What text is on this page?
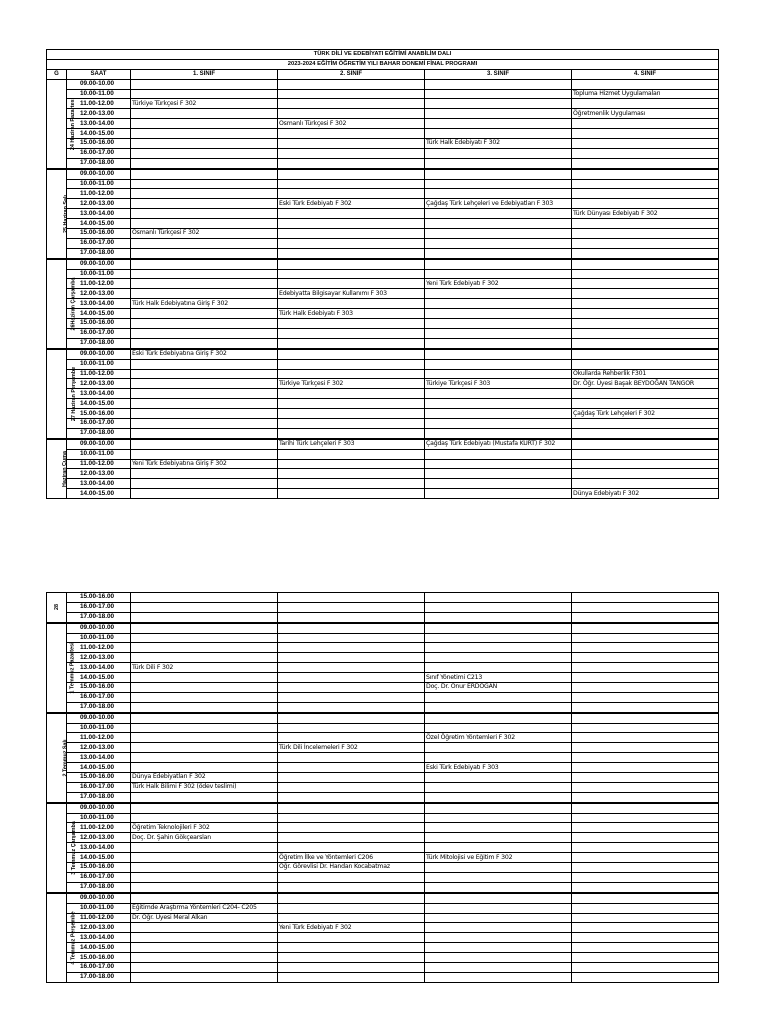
TÜRK DİLİ VE EDEBİYATI EĞİTİMİ ANABİLİM DALI					
2023-2024 EĞİTİM ÖĞRETİM YILI BAHAR DONEMİ FİNAL PROGRAMI					
G	SAAT	1. SINIF	2. SINIF	3. SINIF	4. SINIF
24 Haziran Pazartesi	09.00-10.00				
	10.00-11.00				Topluma Hizmet Uygulamaları
	11.00-12.00	Türkiye Türkçesi F 302			
	12.00-13.00				Öğretmenlik Uygulaması
	13.00-14.00		Osmanlı Türkçesi F 302		
	14.00-15.00				
	15.00-16.00			Türk Halk Edebiyatı F 302	
	16.00-17.00				
	17.00-18.00				
25 Haziran Salı	09.00-10.00				
	10.00-11.00				
	11.00-12.00				
	12.00-13.00		Eski Türk Edebiyatı F 302	Çağdaş Türk Lehçeleri ve Edebiyatları F 303	
	13.00-14.00				Türk Dünyası Edebiyatı F 302
	14.00-15.00				
	15.00-16.00	Osmanlı Türkçesi F 302			
	16.00-17.00				
	17.00-18.00				
26Haziran Çarşamba	09.00-10.00				
	10.00-11.00				
	11.00-12.00			Yeni Türk Edebiyatı F 302	
	12.00-13.00		Edebiyatta Bilgisayar Kullanımı F 303		
	13.00-14.00	Türk Halk Edebiyatına Giriş F 302			
	14.00-15.00		Türk Halk Edebiyatı F 303		
	15.00-16.00				
	16.00-17.00				
	17.00-18.00				
27 Haziran Perşembe	09.00-10.00	Eski Türk Edebiyatına Giriş F 302			
	10.00-11.00				
	11.00-12.00				Okullarda Rehberlik F301
	12.00-13.00		Türkiye Türkçesi F 302	Türkiye Türkçesi F 303	Dr. Öğr. Üyesi Başak BEYDOĞAN TANGOR
	13.00-14.00				
	14.00-15.00				
	15.00-16.00				Çağdaş Türk Lehçeleri F 302
	16.00-17.00				
	17.00-18.00				
Haziran Cuma	09.00-10.00		Tarihi Türk Lehçeleri F 303	Çağdaş Türk Edebiyatı (Mustafa KURT) F 302	
	10.00-11.00				
	11.00-12.00	Yeni Türk Edebiyatına Giriş F 302			
	12.00-13.00				
	13.00-14.00				
	14.00-15.00				Dünya Edebiyatı F 302
28	15.00-16.00				
	16.00-17.00				
	17.00-18.00				
1 Temmuz Pazartesi	09.00-10.00				
	10.00-11.00				
	11.00-12.00				
	12.00-13.00				
	13.00-14.00	Türk Dili F 302			
	14.00-15.00			Sınıf Yönetimi C213	
	15.00-16.00			Doç. Dr. Onur ERDOĞAN	
	16.00-17.00				
	17.00-18.00				
2 Temmuz Salı	09.00-10.00				
	10.00-11.00				
	11.00-12.00			Özel Öğretim Yöntemleri F 302	
	12.00-13.00		Türk Dili İncelemeleri F 302		
	13.00-14.00				
	14.00-15.00			Eski Türk Edebiyatı F 303	
	15.00-16.00	Dünya Edebiyatları F 302			
	16.00-17.00	Türk Halk Bilimi F 302 (ödev teslimi)			
	17.00-18.00				
3 Temmuz Çarşamba	09.00-10.00				
	10.00-11.00				
	11.00-12.00	Öğretim Teknolojileri F 302			
	12.00-13.00	Doç. Dr. Şahin Gökçearslan			
	13.00-14.00				
	14.00-15.00		Öğretim İlke ve Yöntemleri C206	Türk Mitolojisi ve Eğitim F 302	
	15.00-16.00		Öğr. Görevlisi Dr. Handan Kocabatmaz		
	16.00-17.00				
	17.00-18.00				
4 Temmuz Perşembe	09.00-10.00				
	10.00-11.00	Eğitimde Araştırma Yöntemleri C204- C205			
	11.00-12.00	Dr. Öğr. Üyesi Meral Alkan			
	12.00-13.00		Yeni Türk Edebiyatı F 302		
	13.00-14.00				
	14.00-15.00				
	15.00-16.00				
	16.00-17.00				
	17.00-18.00				
